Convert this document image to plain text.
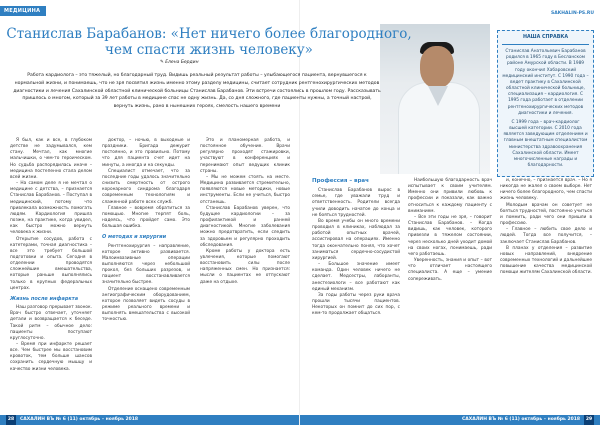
МЕДИЦИНА

Я был, как и все, в глубоком детстве не задумывался, кем стану. Мечтал, как многие мальчишки, о чем-то героическом. Но судьба распорядилась иначе – медицина постепенно стала делом всей жизни.

– На самом деле я не мечтал о медицине с детства, – признается Станислав Барабанов. – Поступал в медицинский, потому что привлекала возможность помогать людям. Кардиология пришла позже, на практике, когда увидел, как быстро можно вернуть человека к жизни.

Открытие сосудов, работа с катетерами, точная диагностика – все это требует большой подготовки и опыта. Сегодня в отделении проводятся сложнейшие вмешательства, которые раньше выполнялись только в крупных федеральных центрах.

Жизнь после инфаркта

Наш разговор прерывает звонок. Врач быстро отвечает, уточняет детали и возвращается к беседе. Такой ритм – обычное дело: пациенты поступают круглосуточно.

– Время при инфаркте решает все. Чем быстрее мы восстановим кровоток, тем больше шансов сохранить сердечную мышцу и качество жизни человека.

доктор, – ночью, в выходные и праздники. Бригада дежурит постоянно, и это правильно. Потому что для пациента счет идет на минуты, а иногда и на секунды.

Специалист отмечает, что за последние годы удалось значительно снизить смертность от острого коронарного синдрома благодаря современным технологиям и слаженной работе всех служб.

Главное – вовремя обратиться за помощью. Многие терпят боль, надеясь, что пройдет само. Это большая ошибка.

О методах и хирургии

Рентгенохирургия – направление, которое активно развивается. Малоинвазивные операции выполняются через небольшой прокол, без больших разрезов, и пациент восстанавливается значительно быстрее.

Отделение оснащено современным ангиографическим оборудованием, которое позволяет видеть сосуды в режиме реального времени и выполнять вмешательства с высокой точностью.

Это и планомерная работа, и постоянное обучение. Врачи регулярно проходят стажировки, участвуют в конференциях и перенимают опыт ведущих клиник страны.

– Мы не можем стоять на месте. Медицина развивается стремительно, появляются новые методики, новые инструменты. Если не учиться, быстро отстанешь.

Станислав Барабанов уверен, что будущее кардиологии – за профилактикой и ранней диагностикой. Многие заболевания можно предотвратить, если следить за здоровьем и регулярно проходить обследования.

Кроме работы у доктора есть увлечения, которые помогают восстановить силы после напряженных смен. Но признается: мысли о пациентах не отпускают даже на отдыхе.

28	САХАЛИН ВЪ № 6 (11) октябрь – ноябрь 2018
SAKHALIN-PS.RU
НАША СПРАВКА

Станислав Анатольевич Барабанов родился в 1965 году в Бесланском районе Амурской области. В 1989 году окончил Хабаровский медицинский институт. С 1990 года – ведет практику в Сахалинской областной клинической больнице, специализация – кардиология. С 1995 года работает в отделении рентгенохирургических методов диагностики и лечения.

С 1999 года – врач-кардиолог высшей категории. С 2010 года является заведующим отделением и главным внештатным специалистом министерства здравоохранения Сахалинской области. Имеет многочисленные награды и благодарности.

Профессия – врач

Станислав Барабанов вырос в семье, где уважали труд и ответственность. Родители всегда учили доводить начатое до конца и не бояться трудностей.

Во время учебы он много времени проводил в клиниках, наблюдал за работой опытных врачей, ассистировал на операциях. Именно тогда окончательно понял, что хочет заниматься сердечно-сосудистой хирургией.

– Большое значение имеет команда. Один человек ничего не сделает. Медсестры, лаборанты, анестезиологи – все работают как единый механизм.

За годы работы через руки врача прошли тысячи пациентов. Некоторых он помнит до сих пор, с кем-то продолжает общаться.

Наибольшую благодарность врач испытывает к своим учителям. Именно они привили любовь к профессии и показали, как важно относиться к каждому пациенту с вниманием.

– Все эти годы не зря, – говорит Станислав Барабанов. – Когда видишь, как человек, которого привезли в тяжелом состоянии, через несколько дней уходит домой на своих ногах, понимаешь, ради чего работаешь.

Уверенность, знания и опыт – вот что отличает настоящего специалиста. А еще – умение сопереживать.

и, конечно, – признается врач. – Но я никогда не жалел о своем выборе. Нет ничего более благородного, чем спасти жизнь человеку.

Молодым врачам он советует не бояться трудностей, постоянно учиться и помнить, ради чего они пришли в профессию.

– Главное – любить свое дело и людей. Тогда все получится, – заключает Станислав Барабанов.

В планах у отделения – развитие новых направлений, внедрение современных технологий и дальнейшее повышение качества медицинской помощи жителям Сахалинской области.

САХАЛИН ВЪ № 6 (11) октябрь – ноябрь 2018	29
Станислав Барабанов: «Нет ничего более благородного, чем спасти жизнь человеку»
✎ Елена Бердин
Работа кардиолога – это тяжелый, но благодарный труд. Видишь реальный результат работы – улыбающегося пациента, вернувшегося к нормальной жизни, и понимаешь, что не зря посвятил жизнь именно этому разделу медицины, считает сотрудник рентгенохирургических методов диагностики и лечения Сахалинской областной клинической больницы Станислав Барабанов. Эти встречи состоялись в прошлом году. Рассказывать пришлось о многом, который за 39 лет работы в медицине спас не одну жизнь. Да, со дня сложного, где пациенты нужны, а точный настрой, вернуть жизнь, рано в нынешних героях, смелость нашего времени
